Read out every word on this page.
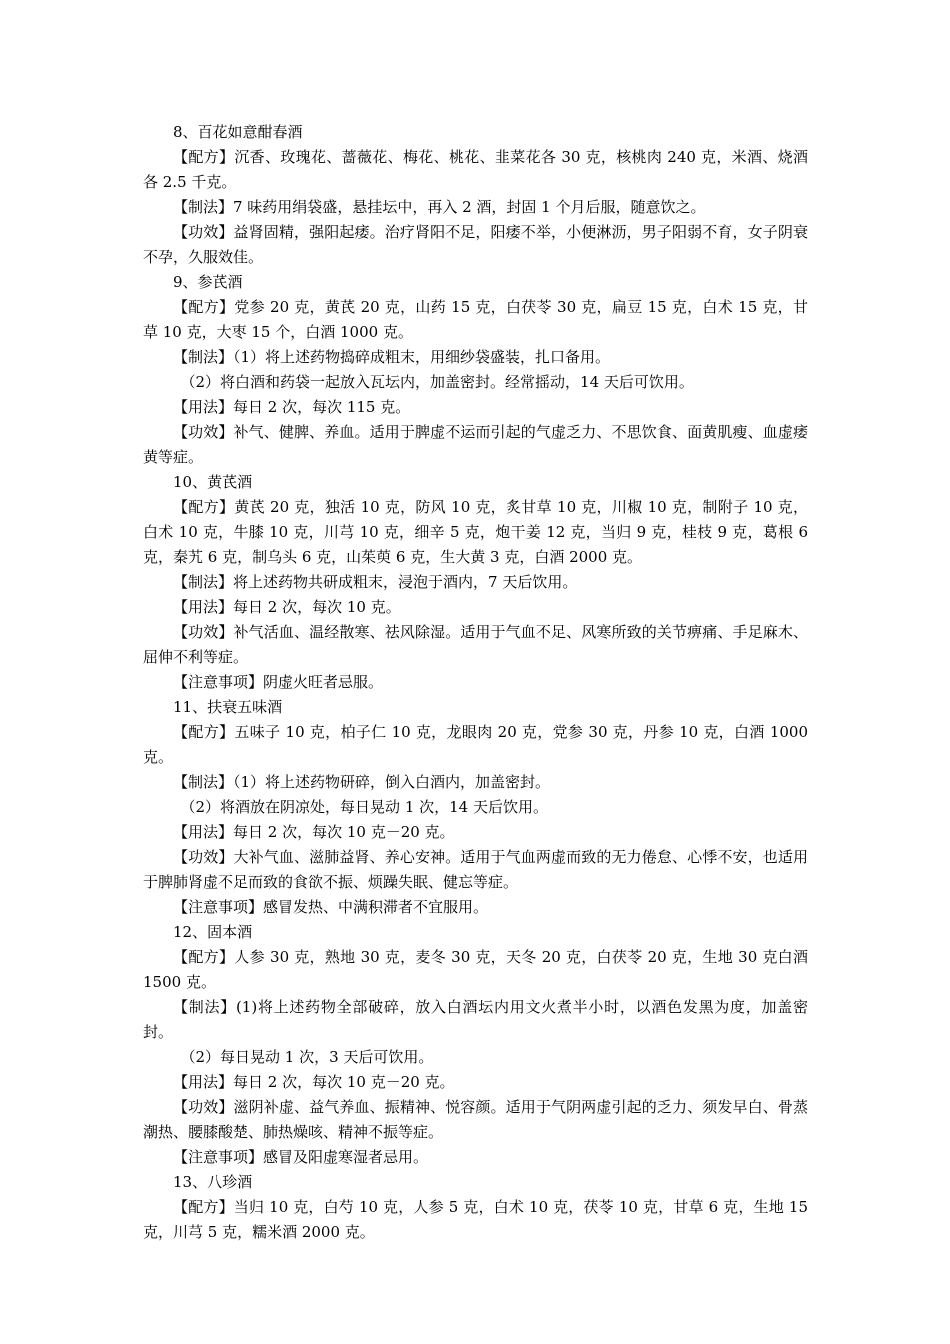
8、百花如意酣春酒

【配方】沉香、玫瑰花、蔷薇花、梅花、桃花、韭菜花各 30 克，核桃肉 240 克，米酒、烧酒各 2.5 千克。

【制法】7 味药用绢袋盛，悬挂坛中，再入 2 酒，封固 1 个月后服，随意饮之。

【功效】益肾固精，强阳起痿。治疗肾阳不足，阳痿不举，小便淋沥，男子阳弱不育，女子阴衰不孕，久服效佳。

9、参芪酒

【配方】党参 20 克，黄芪 20 克，山药 15 克，白茯苓 30 克，扁豆 15 克，白术 15 克，甘草 10 克，大枣 15 个，白酒 1000 克。

【制法】（1）将上述药物捣碎成粗末，用细纱袋盛装，扎口备用。

（2）将白酒和药袋一起放入瓦坛内，加盖密封。经常摇动，14 天后可饮用。

【用法】每日 2 次，每次 115 克。

【功效】补气、健脾、养血。适用于脾虚不运而引起的气虚乏力、不思饮食、面黄肌瘦、血虚痿黄等症。

10、黄芪酒

【配方】黄芪 20 克，独活 10 克，防风 10 克，炙甘草 10 克，川椒 10 克，制附子 10 克，白术 10 克，牛膝 10 克，川芎 10 克，细辛 5 克，炮干姜 12 克，当归 9 克，桂枝 9 克，葛根 6 克，秦艽 6 克，制乌头 6 克，山茱萸 6 克，生大黄 3 克，白酒 2000 克。

【制法】将上述药物共研成粗末，浸泡于酒内，7 天后饮用。

【用法】每日 2 次，每次 10 克。

【功效】补气活血、温经散寒、祛风除湿。适用于气血不足、风寒所致的关节痹痛、手足麻木、屈伸不利等症。

【注意事项】阴虚火旺者忌服。

11、扶衰五味酒

【配方】五味子 10 克，柏子仁 10 克，龙眼肉 20 克，党参 30 克，丹参 10 克，白酒 1000 克。

【制法】（1）将上述药物研碎，倒入白酒内，加盖密封。

（2）将酒放在阴凉处，每日晃动 1 次，14 天后饮用。

【用法】每日 2 次，每次 10 克－20 克。

【功效】大补气血、滋肺益肾、养心安神。适用于气血两虚而致的无力倦怠、心悸不安，也适用于脾肺肾虚不足而致的食欲不振、烦躁失眠、健忘等症。

【注意事项】感冒发热、中满积滞者不宜服用。

12、固本酒

【配方】人参 30 克，熟地 30 克，麦冬 30 克，天冬 20 克，白茯苓 20 克，生地 30 克白酒 1500 克。

【制法】(1)将上述药物全部破碎，放入白酒坛内用文火煮半小时，以酒色发黑为度，加盖密封。

（2）每日晃动 1 次，3 天后可饮用。

【用法】每日 2 次，每次 10 克－20 克。

【功效】滋阴补虚、益气养血、振精神、悦容颜。适用于气阴两虚引起的乏力、须发早白、骨蒸潮热、腰膝酸楚、肺热燥咳、精神不振等症。

【注意事项】感冒及阳虚寒湿者忌用。

13、八珍酒

【配方】当归 10 克，白芍 10 克，人参 5 克，白术 10 克，茯苓 10 克，甘草 6 克，生地 15 克，川芎 5 克，糯米酒 2000 克。
